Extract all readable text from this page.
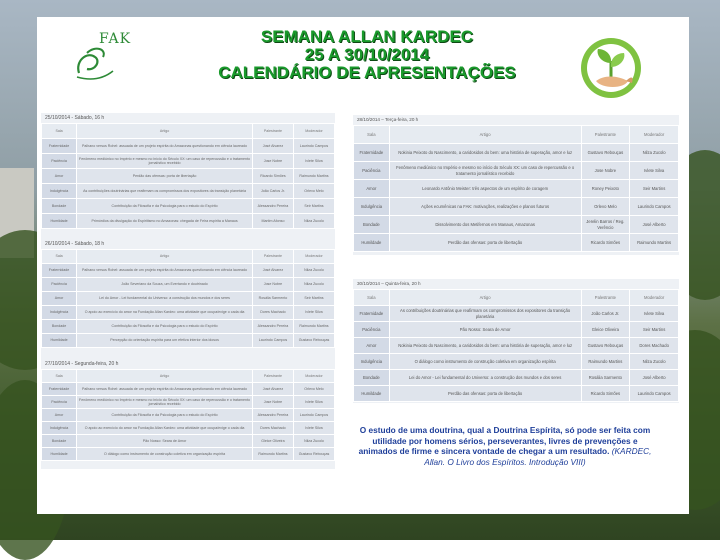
FAK	SEMANA ALLAN KARDEC
25 A 30/10/2014
CALENDÁRIO DE APRESENTAÇÕES
25/10/2014 - Sábado, 16 h
Sala	Artigo	Palestrante	Moderador
Fraternidade	Palhano versus Rohel: assuada de um projeto espírita do Amazonas questionando em ciência laureado	José Alvarez	Laurindo Campos
Paciência	Fenômeno mediúnico no Império e mesmo no início do Século XX: um caso de repercussão e o tratamento jornalístico recebido	Jose Nobre	Ivlete Silva
Amor	Perdão das ofensas: porta de libertação	Ricardo Simões	Raimundo Martins
Indulgência	As contribuições doutrinárias que reafirmam os compromissos dos expositores da transição planetária	João Carlos Jr.	Orlevo Melo
Bondade	Contribuição da Filosofia e da Psicologia para o estudo do Espírito	Alessandro Pereira	Seir Martins
Humildade	Primórdios da divulgação do Espiritismo no Amazonas: chegada de Feira espírita a Manaus	Martim Afonso	Nilza Zucolo
26/10/2014 - Sábado, 18 h
Sala	Artigo	Palestrante	Moderador
Fraternidade	Palhano versus Rohel: assuada de um projeto espírita do Amazonas questionando em ciência laureado	José Alvarez	Nilza Zucolo
Paciência	João Severiano da Souza, um Evertando e doutrinado	Jose Nobre	Nilza Zucolo
Amor	Lei do Amor - Lei fundamental do Universo: a construção dos mundos e dos seres	Rosália Sarmento	Seir Martins
Indulgência	O apoio ao exercício do amor na Fundação Allan Kardec: uma atividade que ocupa/exige o cada dia	Dores Machado	Ivlete Silva
Bondade	Contribuição da Filosofia e da Psicologia para o estudo do Espírito	Alessandro Pereira	Raimundo Martins
Humildade	Percepção do orientação espírita para um efetiva interior dos idosos	Laurindo Campos	Gustavo Rebouças
27/10/2014 - Segunda-feira, 20 h
Sala	Artigo	Palestrante	Moderador
Fraternidade	Palhano versus Rohel: assuada de um projeto espírita do Amazonas questionando em ciência laureado	José Alvarez	Orlevo Melo
Paciência	Fenômeno mediúnico no Império e mesmo no início do Século XX: um caso de repercussão e o tratamento jornalístico recebido	Jose Nobre	Ivlete Silva
Amor	Contribuição da Filosofia e da Psicologia para o estudo do Espírito	Alessandro Pereira	Laurindo Campos
Indulgência	O apoio ao exercício do amor na Fundação Allan Kardec: uma atividade que ocupa/exige o cada dia	Dores Machado	Ivlete Silva
Bondade	Pão Nosso: Seara de Amor	Gleice Oliveira	Nilza Zucolo
Humildade	O diálogo como instrumento de construção coletiva em organização espírita	Raimundo Martins	Gustavo Rebouças
28/10/2014 – Terça-feira, 20 h
Sala	Artigo	Palestrante	Moderador
Fraternidade	Nokinia Peixoto do Nascimento, a caridosidos do bem: uma história de superação, amor e luz	Gustavo Rebouças	Nilza Zucolo
Paciência	Fenômeno mediúnico no Império e mesmo no início do Século XX: um caso de repercussão e o tratamento jornalístico recebido	Jose Nobre	Ivlete Silva
Amor	Leonardo Antônio Meister: três aspectos de um espírito de coragem	Roney Peixoto	Seir Martins
Indulgência	Ações ecumênicas na FAK: motivações, realizações e planos futuros	Orlevo Melo	Laurindo Campos
Bondade	Dissolvimento dos Metifernos em Manaus, Amazonas	Jerelin Barros / Reg. Verêncio	José Alberto
Humildade	Perdão das ofensas: porta de libertação	Ricardo Simões	Raimundo Martins
30/10/2014 – Quinta-feira, 20 h
Sala	Artigo	Palestrante	Moderador
Fraternidade	As contribuições doutrinárias que reafirmam os compromissos dos expositores da transição planetária	João Carlos Jr.	Ivlete Silva
Paciência	Pão Nosso: Seara de Amor	Gleice Oliveira	Seir Martins
Amor	Nokinia Peixoto do Nascimento, a caridosidos do bem: uma história de superação, amor e luz	Gustavo Rebouças	Dores Machado
Indulgência	O diálogo como instrumento de construção coletiva em organização espírita	Raimundo Martins	Nilza Zucolo
Bondade	Lei do Amor - Lei fundamental do Universo: a construção dos mundos e dos seres	Rosália Sarmento	José Alberto
Humildade	Perdão das ofensas: porta de libertação	Ricardo Simões	Laurindo Campos
O estudo de uma doutrina, qual a Doutrina Espírita, só pode ser feita com utilidade por homens sérios, perseverantes, livres de prevenções e animados de firme e sincera vontade de chegar a um resultado. (KARDEC, Allan. O Livro dos Espíritos. Introdução VIII)
